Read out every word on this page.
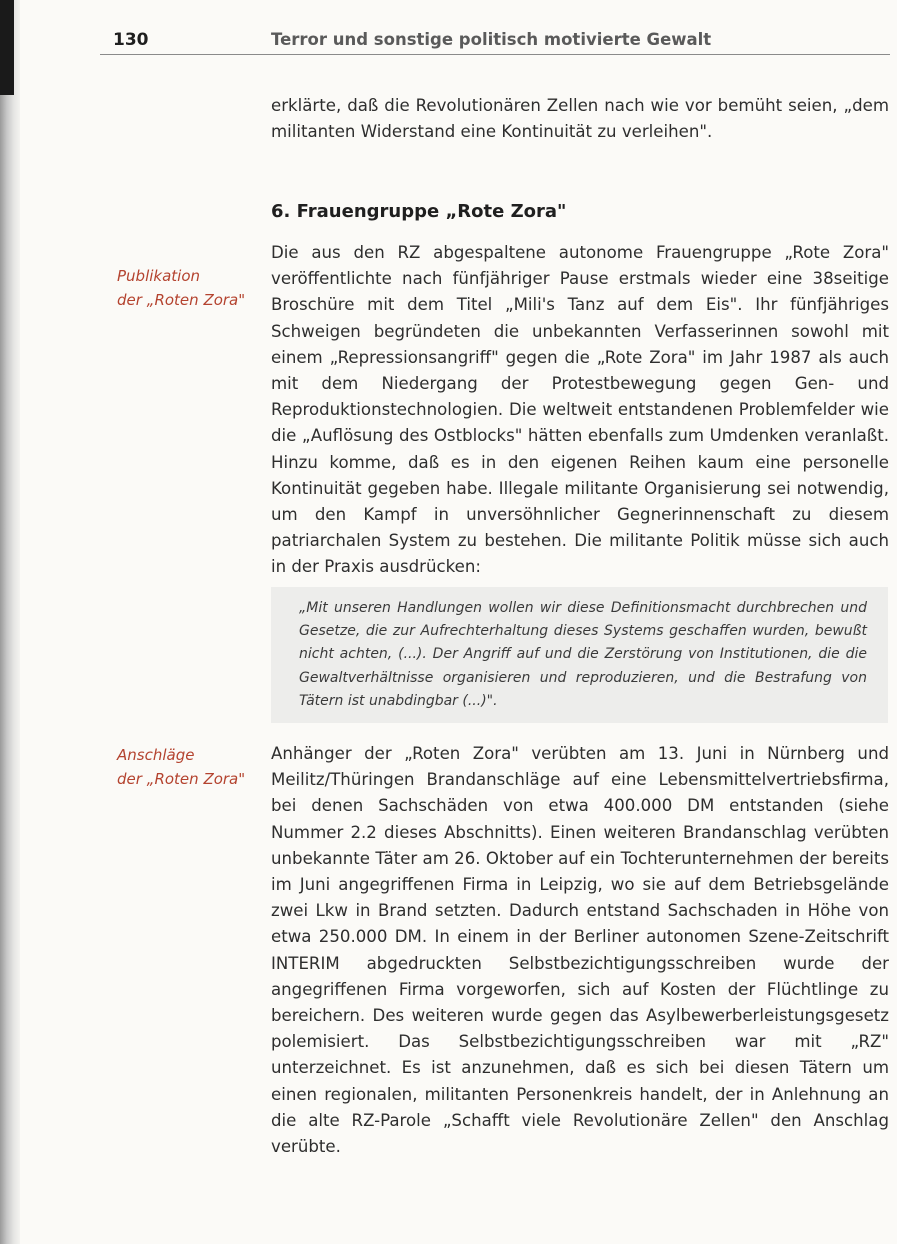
130	Terror und sonstige politisch motivierte Gewalt

erklärte, daß die Revolutionären Zellen nach wie vor bemüht seien, „dem militanten Widerstand eine Kontinuität zu verleihen".

6. Frauengruppe „Rote Zora"
Publikation
der „Roten Zora"

Die aus den RZ abgespaltene autonome Frauengruppe „Rote Zora" veröffentlichte nach fünfjähriger Pause erstmals wieder eine 38seitige Broschüre mit dem Titel „Mili's Tanz auf dem Eis". Ihr fünfjähriges Schweigen begründeten die unbekannten Verfasserinnen sowohl mit einem „Repressionsangriff" gegen die „Rote Zora" im Jahr 1987 als auch mit dem Niedergang der Protestbewegung gegen Gen- und Reproduktionstechnologien. Die weltweit entstandenen Problemfelder wie die „Auflösung des Ostblocks" hätten ebenfalls zum Umdenken veranlaßt. Hinzu komme, daß es in den eigenen Reihen kaum eine personelle Kontinuität gegeben habe. Illegale militante Organisierung sei notwendig, um den Kampf in unversöhnlicher Gegnerinnenschaft zu diesem patriarchalen System zu bestehen. Die militante Politik müsse sich auch in der Praxis ausdrücken:

„Mit unseren Handlungen wollen wir diese Definitionsmacht durchbrechen und Gesetze, die zur Aufrechterhaltung dieses Systems geschaffen wurden, bewußt nicht achten, (...). Der Angriff auf und die Zerstörung von Institutionen, die die Gewaltverhältnisse organisieren und reproduzieren, und die Bestrafung von Tätern ist unabdingbar (...)".

Anschläge
der „Roten Zora"

Anhänger der „Roten Zora" verübten am 13. Juni in Nürnberg und Meilitz/Thüringen Brandanschläge auf eine Lebensmittelvertriebsfirma, bei denen Sachschäden von etwa 400.000 DM entstanden (siehe Nummer 2.2 dieses Abschnitts). Einen weiteren Brandanschlag verübten unbekannte Täter am 26. Oktober auf ein Tochterunternehmen der bereits im Juni angegriffenen Firma in Leipzig, wo sie auf dem Betriebsgelände zwei Lkw in Brand setzten. Dadurch entstand Sachschaden in Höhe von etwa 250.000 DM. In einem in der Berliner autonomen Szene-Zeitschrift INTERIM abgedruckten Selbstbezichtigungsschreiben wurde der angegriffenen Firma vorgeworfen, sich auf Kosten der Flüchtlinge zu bereichern. Des weiteren wurde gegen das Asylbewerberleistungsgesetz polemisiert. Das Selbstbezichtigungsschreiben war mit „RZ" unterzeichnet. Es ist anzunehmen, daß es sich bei diesen Tätern um einen regionalen, militanten Personenkreis handelt, der in Anlehnung an die alte RZ-Parole „Schafft viele Revolutionäre Zellen" den Anschlag verübte.
